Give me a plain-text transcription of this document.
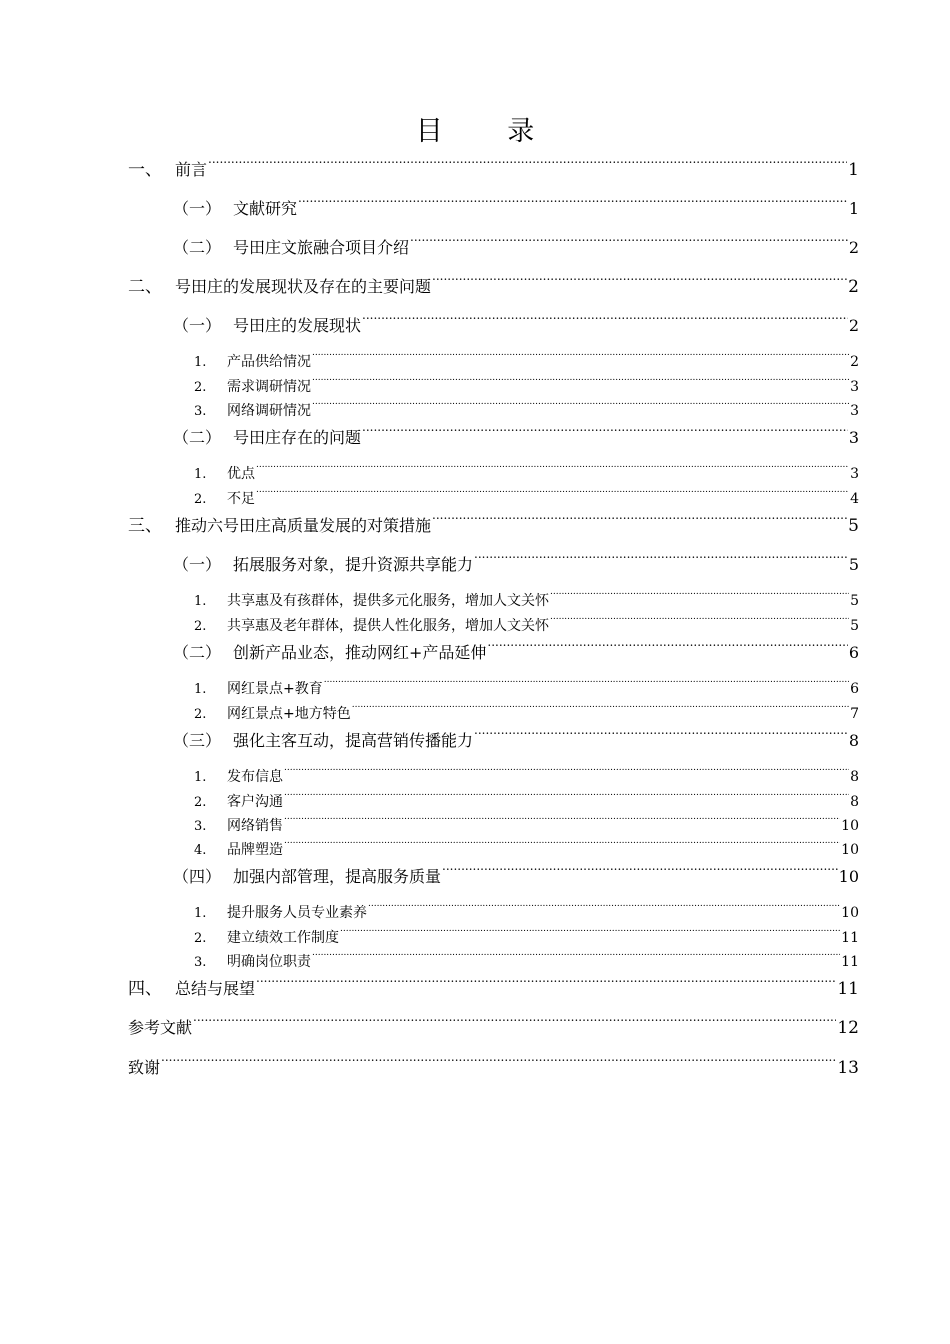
目 录
一、 前言 .....	1
（一） 文献研究 .....	1
（二） 号田庄文旅融合项目介绍 .....	2
二、 号田庄的发展现状及存在的主要问题 .....	2
（一） 号田庄的发展现状 .....	2
1.	产品供给情况 .....	2
2.	需求调研情况 .....	3
3.	网络调研情况 .....	3
（二） 号田庄存在的问题 .....	3
1.	优点 .....	3
2.	不足 .....	4
三、 推动六号田庄高质量发展的对策措施 .....	5
（一） 拓展服务对象，提升资源共享能力 .....	5
1.	共享惠及有孩群体，提供多元化服务，增加人文关怀 .....	5
2.	共享惠及老年群体，提供人性化服务，增加人文关怀 .....	5
（二） 创新产品业态，推动网红+产品延伸 .....	6
1.	网红景点+教育 .....	6
2.	网红景点+地方特色 .....	7
（三） 强化主客互动，提高营销传播能力 .....	8
1.	发布信息 .....	8
2.	客户沟通 .....	8
3.	网络销售 .....	10
4.	品牌塑造 .....	10
（四） 加强内部管理，提高服务质量 .....	10
1.	提升服务人员专业素养 .....	10
2.	建立绩效工作制度 .....	11
3.	明确岗位职责 .....	11
四、 总结与展望 .....	11
参考文献 .....	12
致谢 .....	13
